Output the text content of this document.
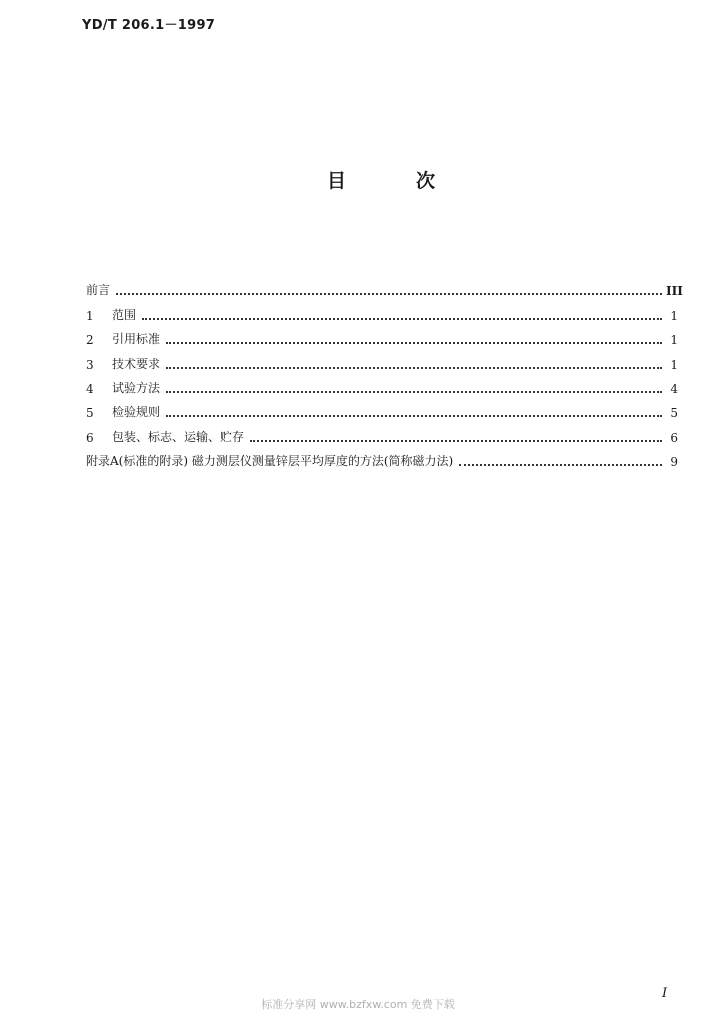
YD/T 206.1－1997
目	次
前言	III
1	范围	1
2	引用标准	1
3	技术要求	1
4	试验方法	4
5	检验规则	5
6	包装、标志、运输、贮存	6
附录A(标准的附录) 磁力测层仪测量锌层平均厚度的方法(简称磁力法)	9
I
标准分享网 www.bzfxw.com 免费下载
